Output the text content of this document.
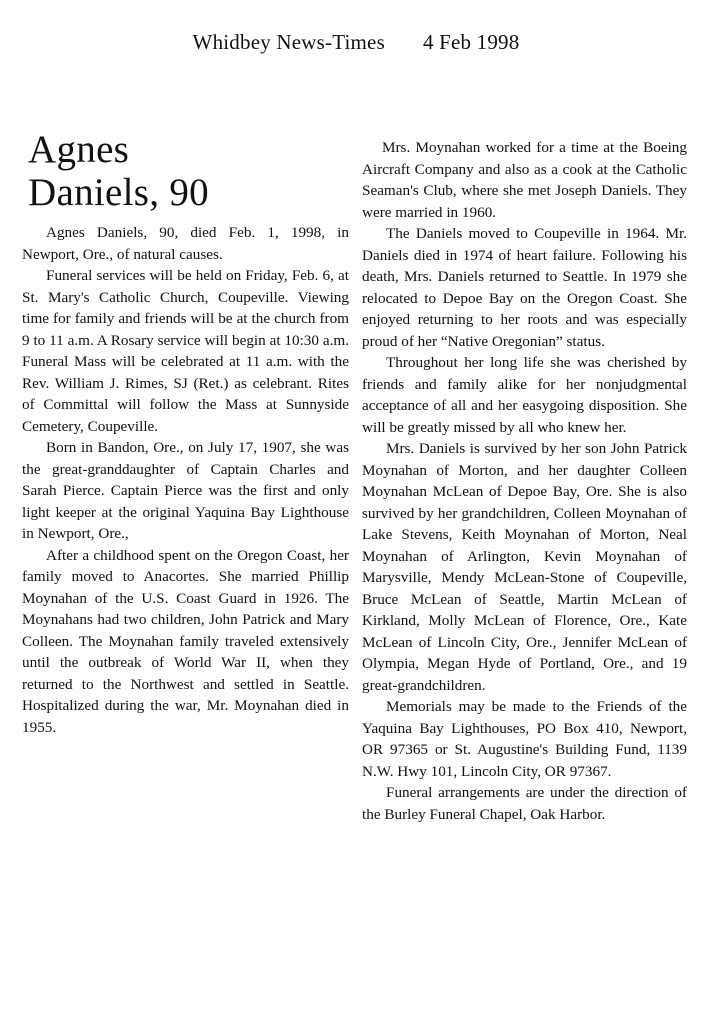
Whidbey News-Times 4 Feb 1998
Agnes
Daniels, 90

Agnes Daniels, 90, died Feb. 1, 1998, in Newport, Ore., of natural causes.

Funeral services will be held on Friday, Feb. 6, at St. Mary's Catholic Church, Coupeville. Viewing time for family and friends will be at the church from 9 to 11 a.m. A Rosary service will begin at 10:30 a.m. Funeral Mass will be celebrated at 11 a.m. with the Rev. William J. Rimes, SJ (Ret.) as celebrant. Rites of Committal will follow the Mass at Sunnyside Cemetery, Coupeville.

Born in Bandon, Ore., on July 17, 1907, she was the great-granddaughter of Captain Charles and Sarah Pierce. Captain Pierce was the first and only light keeper at the original Yaquina Bay Lighthouse in Newport, Ore.,

After a childhood spent on the Oregon Coast, her family moved to Anacortes. She married Phillip Moynahan of the U.S. Coast Guard in 1926. The Moynahans had two children, John Patrick and Mary Colleen. The Moynahan family traveled extensively until the outbreak of World War II, when they returned to the Northwest and settled in Seattle. Hospitalized during the war, Mr. Moynahan died in 1955.

Mrs. Moynahan worked for a time at the Boeing Aircraft Company and also as a cook at the Catholic Seaman's Club, where she met Joseph Daniels. They were married in 1960.

The Daniels moved to Coupeville in 1964. Mr. Daniels died in 1974 of heart failure. Following his death, Mrs. Daniels returned to Seattle. In 1979 she relocated to Depoe Bay on the Oregon Coast. She enjoyed returning to her roots and was especially proud of her “Native Oregonian” status.

Throughout her long life she was cherished by friends and family alike for her nonjudgmental acceptance of all and her easygoing disposition. She will be greatly missed by all who knew her.

Mrs. Daniels is survived by her son John Patrick Moynahan of Morton, and her daughter Colleen Moynahan McLean of Depoe Bay, Ore. She is also survived by her grandchildren, Colleen Moynahan of Lake Stevens, Keith Moynahan of Morton, Neal Moynahan of Arlington, Kevin Moynahan of Marysville, Mendy McLean-Stone of Coupeville, Bruce McLean of Seattle, Martin McLean of Kirkland, Molly McLean of Florence, Ore., Kate McLean of Lincoln City, Ore., Jennifer McLean of Olympia, Megan Hyde of Portland, Ore., and 19 great-grandchildren.

Memorials may be made to the Friends of the Yaquina Bay Lighthouses, PO Box 410, Newport, OR 97365 or St. Augustine's Building Fund, 1139 N.W. Hwy 101, Lincoln City, OR 97367.

Funeral arrangements are under the direction of the Burley Funeral Chapel, Oak Harbor.
